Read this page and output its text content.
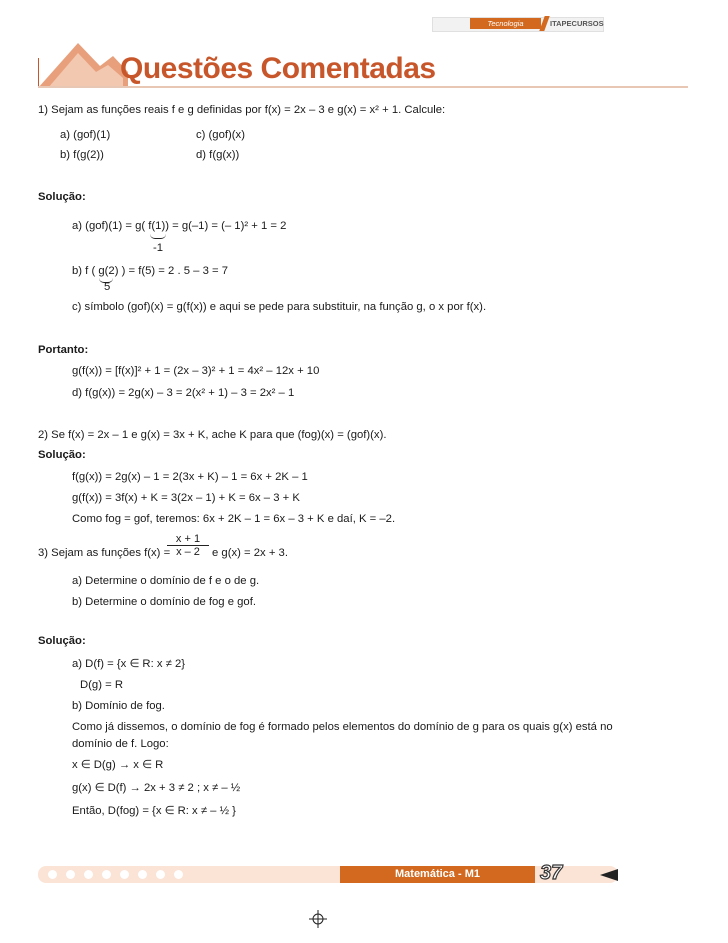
Tecnologia	ITAPECURSOS
Questões Comentadas
1) Sejam as funções reais f e g definidas por f(x) = 2x – 3 e g(x) = x² + 1. Calcule:
a) (gof)(1)	c) (gof)(x)
b) f(g(2))	d) f(g(x))
Solução:
a) (gof)(1) = g( f(1)) = g(–1) = (– 1)² + 1 = 2
-1
b) f ( g(2) ) = f(5) = 2 . 5 – 3 = 7
5
c) símbolo (gof)(x) = g(f(x)) e aqui se pede para substituir, na função g, o x por f(x).
Portanto:
g(f(x)) = [f(x)]² + 1 = (2x – 3)² + 1 = 4x² – 12x + 10
d) f(g(x)) = 2g(x) – 3 = 2(x² + 1) – 3 = 2x² – 1
2) Se f(x) = 2x – 1 e g(x) = 3x + K, ache K para que (fog)(x) = (gof)(x).
Solução:
f(g(x)) = 2g(x) – 1 = 2(3x + K) – 1 = 6x + 2K – 1
g(f(x)) = 3f(x) + K = 3(2x – 1) + K = 6x – 3 + K
Como fog = gof, teremos: 6x + 2K – 1 = 6x – 3 + K e daí, K = –2.
3) Sejam as funções f(x) =
$\frac{x + 1}{x - 2}$ e g(x) = 2x + 3.
a) Determine o domínio de f e o de g.
b) Determine o domínio de fog e gof.
Solução:
a) D(f) = {x ∈ R: x ≠ 2}
D(g) = R
b) Domínio de fog.
Como já dissemos, o domínio de fog é formado pelos elementos do domínio de g para os quais g(x) está no
domínio de f. Logo:
x ∈ D(g) → x ∈ R
g(x) ∈ D(f) → 2x + 3 ≠ 2 ; x ≠ – ½
Então, D(fog) = {x ∈ R: x ≠ – ½ }
Matemática - M1	37
